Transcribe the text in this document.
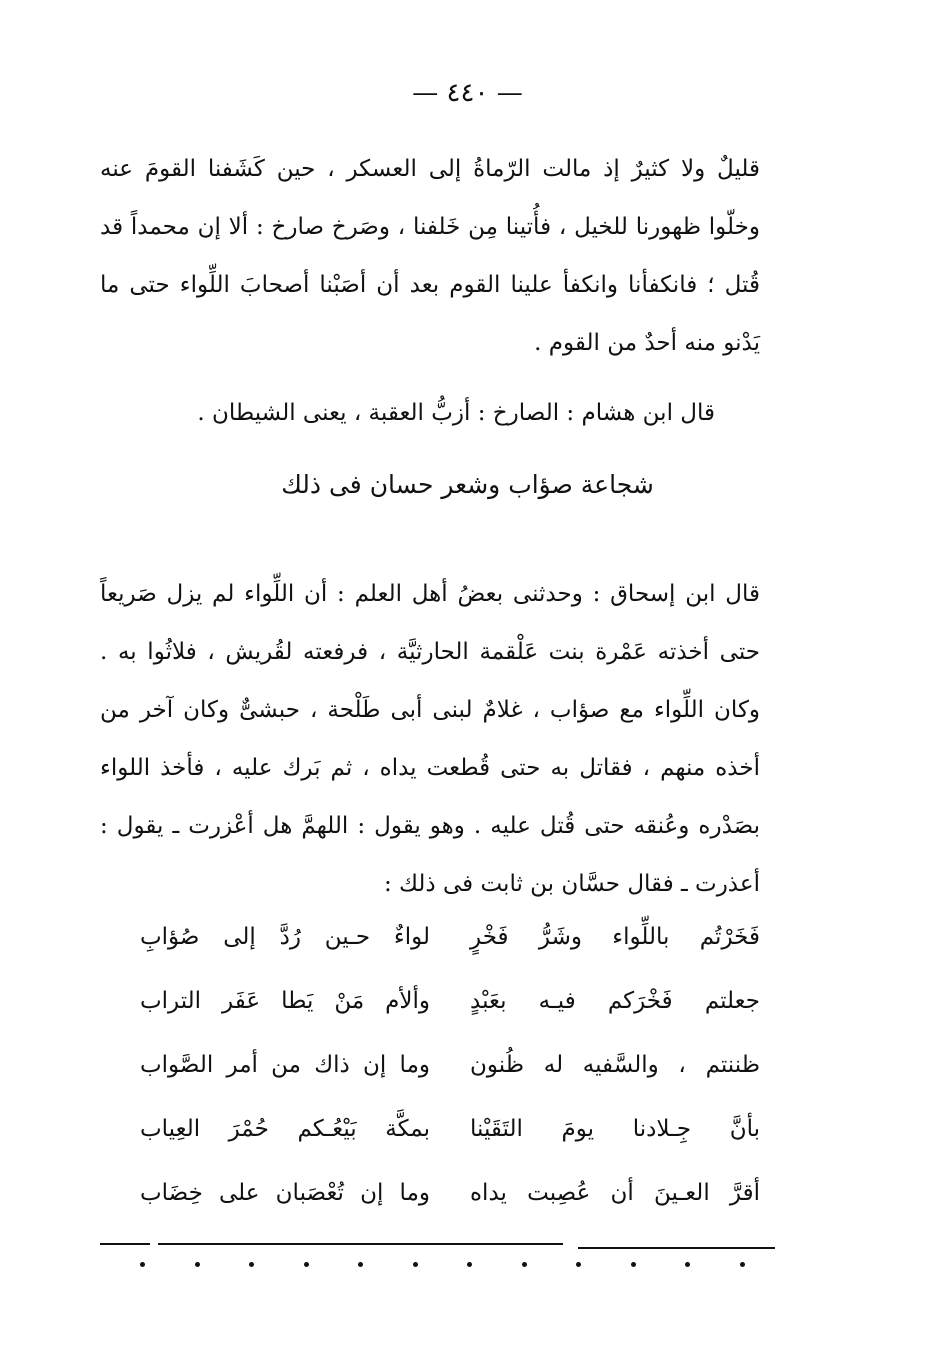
— ٤٤٠ —

قليلٌ ولا كثيرٌ إذ مالت الرّماةُ إلى العسكر ، حين كَشَفنا القومَ عنه وخلّوا ظهورنا للخيل ، فأُتينا مِن خَلفنا ، وصَرخ صارخ : ألا إن محمداً قد قُتل ؛ فانكفأنا وانكفأ علينا القوم بعد أن أصَبْنا أصحابَ اللِّواء حتى ما يَدْنو منه أحدٌ من القوم .

قال ابن هشام : الصارخ : أزبُّ العقبة ، يعنى الشيطان .

شجاعة صؤاب وشعر حسان فى ذلك

قال ابن إسحاق : وحدثنى بعضُ أهل العلم : أن اللِّواء لم يزل صَريعاً حتى أخذته عَمْرة بنت عَلْقمة الحارثيَّة ، فرفعته لقُريش ، فلاثُوا به . وكان اللِّواء مع صؤاب ، غلامٌ لبنى أبى طَلْحة ، حبشىٌّ وكان آخر من أخذه منهم ، فقاتل به حتى قُطعت يداه ، ثم بَرك عليه ، فأخذ اللواء بصَدْره وعُنقه حتى قُتل عليه . وهو يقول : اللهمَّ هل أعْزرت ـ يقول : أعذرت ـ فقال حسَّان بن ثابت فى ذلك :

فَخَرْتُم باللِّواء وشَرُّ فَخْرٍ
لواءٌ حـين رُدَّ إلى صُؤابِ
جعلتم فَخْرَكم فيـه بعَبْدٍ
وألأم مَنْ يَطا عَفَر التراب
ظننتم ، والسَّفيه له ظُنون
وما إن ذاك من أمر الصَّواب
بأنَّ جِـلادنا يومَ التَقَيْنا
بمكَّة بَيْعُـكم حُمْرَ العِياب
أقرَّ العـينَ أن عُصِبت يداه
وما إن تُعْصَبان على خِضَاب
